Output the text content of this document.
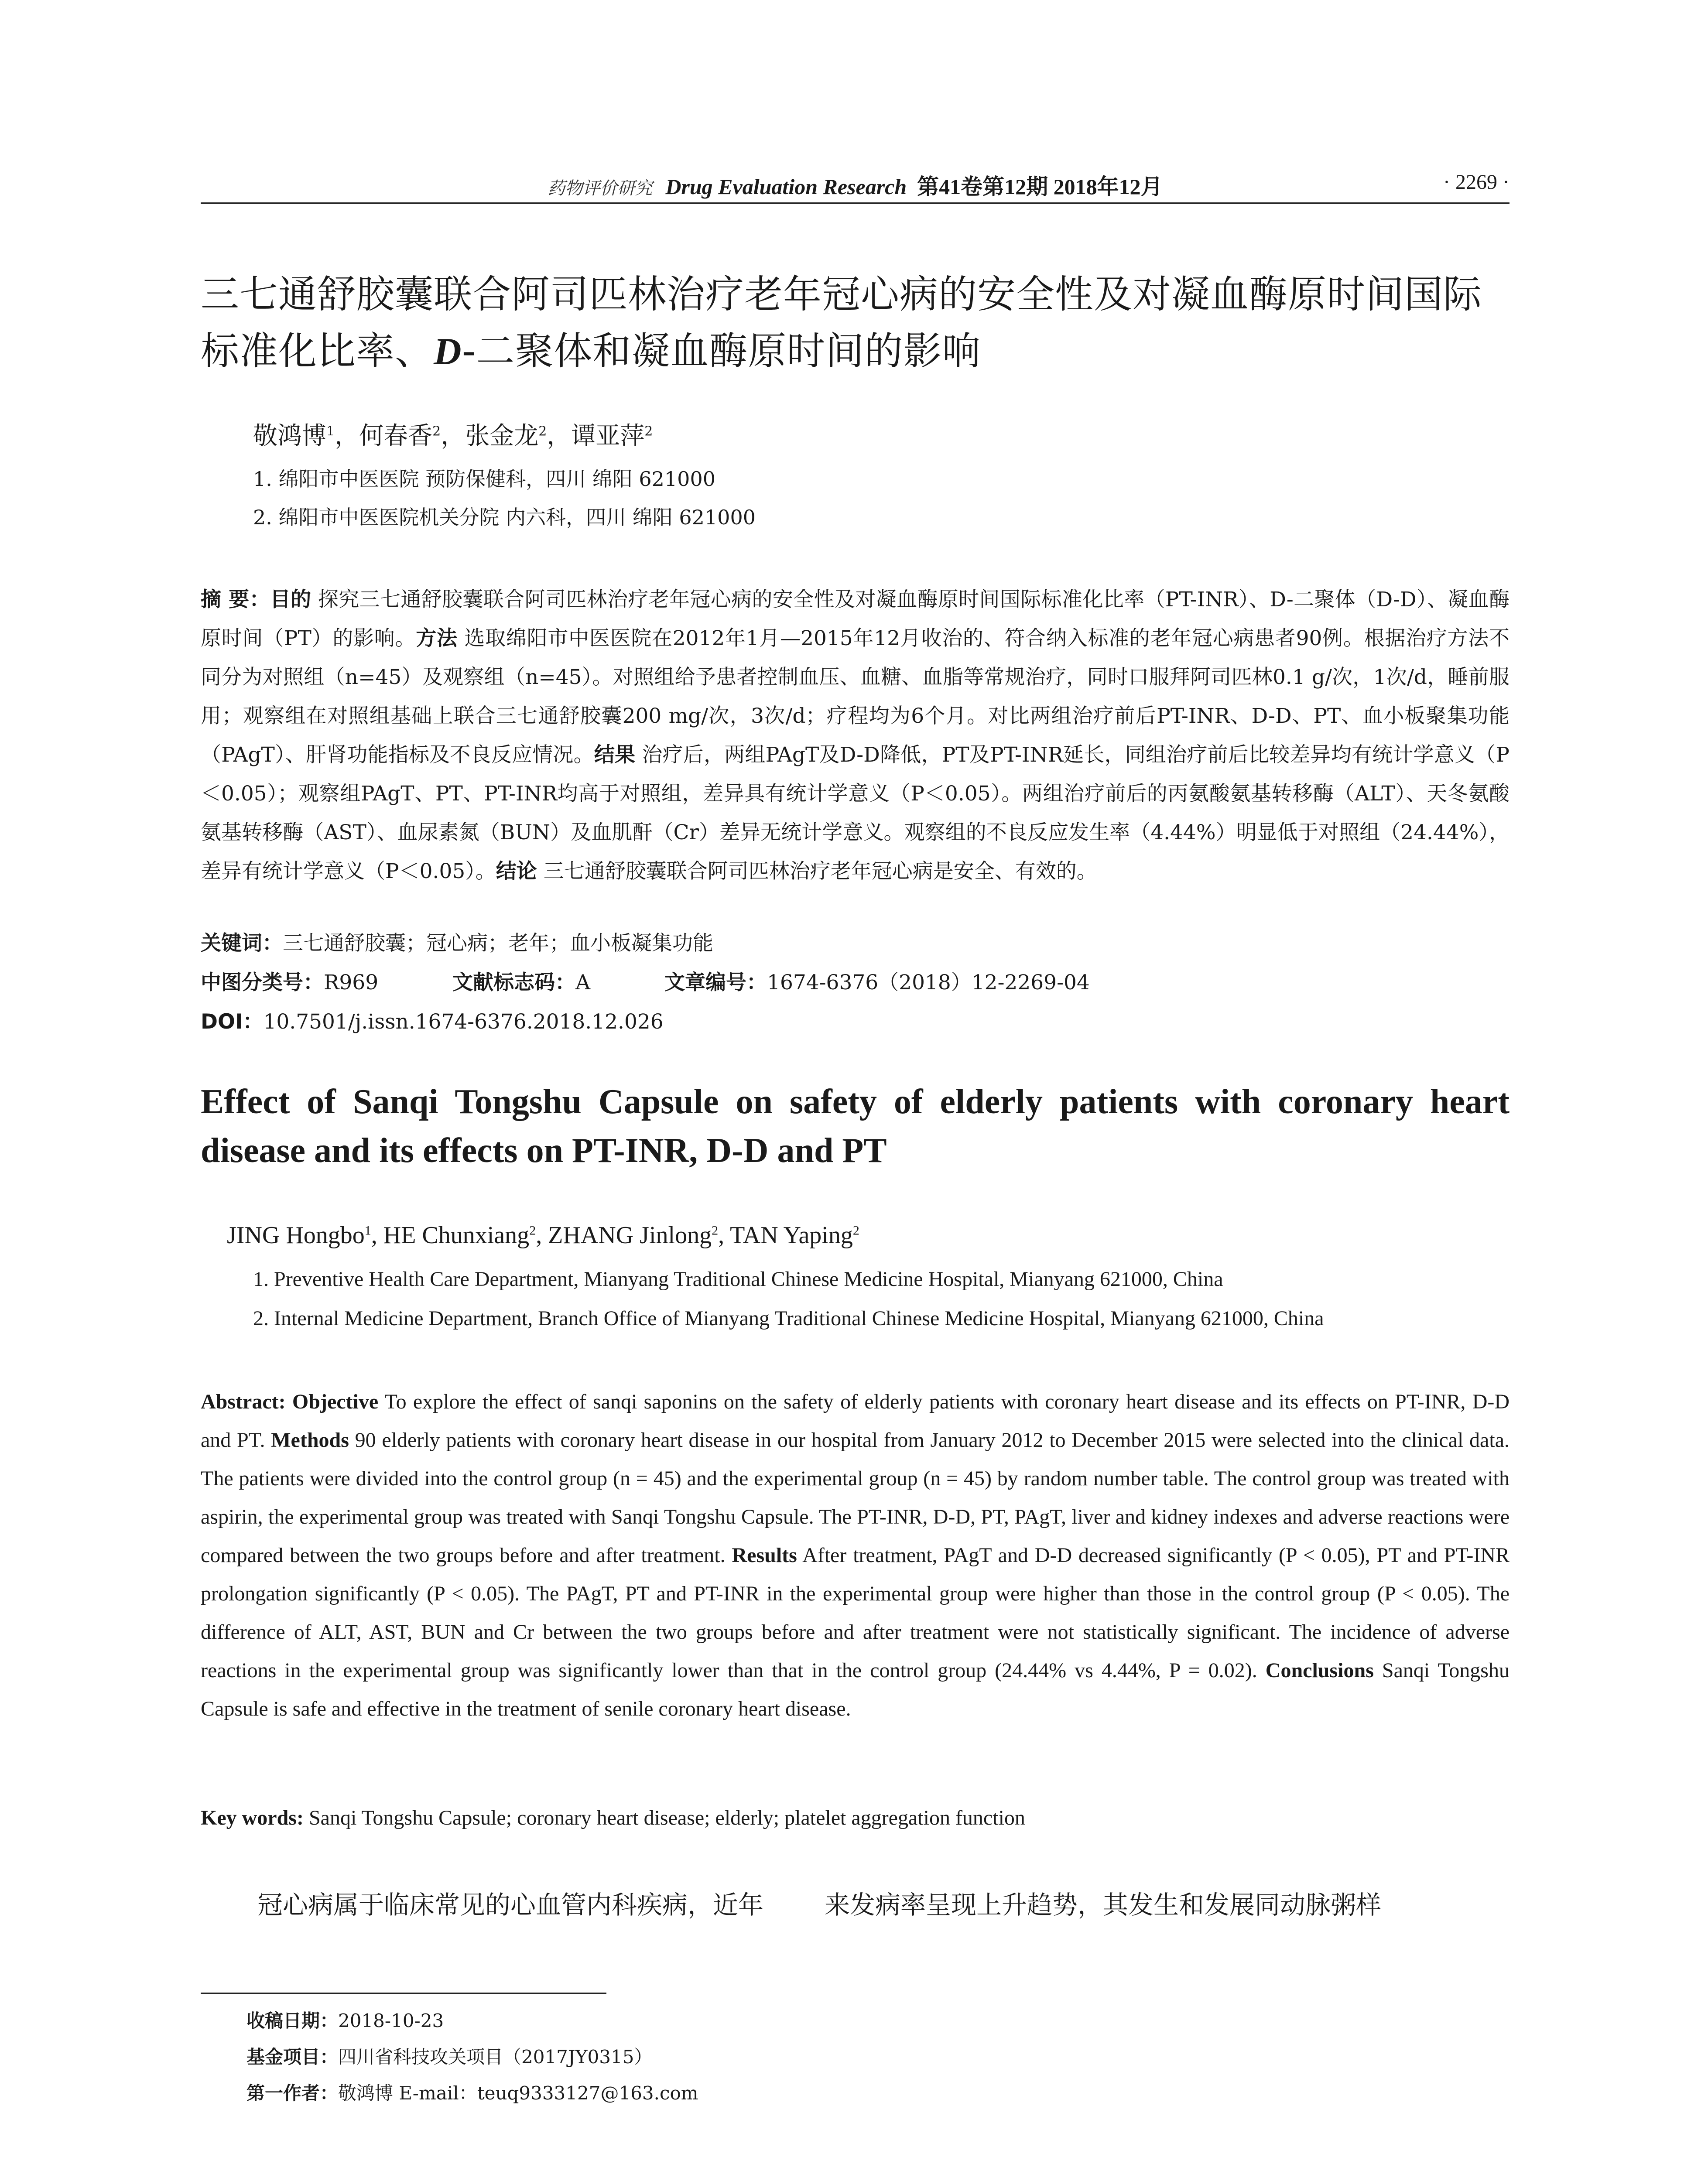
药物评价研究 Drug Evaluation Research 第41卷第12期 2018年12月	· 2269 ·
三七通舒胶囊联合阿司匹林治疗老年冠心病的安全性及对凝血酶原时间国际标准化比率、D-二聚体和凝血酶原时间的影响
敬鸿博$^1$，何春香$^2$，张金龙$^2$，谭亚萍$^2$
1. 绵阳市中医医院 预防保健科，四川 绵阳 621000
2. 绵阳市中医医院机关分院 内六科，四川 绵阳 621000
摘 要：目的 探究三七通舒胶囊联合阿司匹林治疗老年冠心病的安全性及对凝血酶原时间国际标准化比率（PT-INR）、D-二聚体（D-D）、凝血酶原时间（PT）的影响。方法 选取绵阳市中医医院在2012年1月—2015年12月收治的、符合纳入标准的老年冠心病患者90例。根据治疗方法不同分为对照组（n=45）及观察组（n=45）。对照组给予患者控制血压、血糖、血脂等常规治疗，同时口服拜阿司匹林0.1 g/次，1次/d，睡前服用；观察组在对照组基础上联合三七通舒胶囊200 mg/次，3次/d；疗程均为6个月。对比两组治疗前后PT-INR、D-D、PT、血小板聚集功能（PAgT）、肝肾功能指标及不良反应情况。结果 治疗后，两组PAgT及D-D降低，PT及PT-INR延长，同组治疗前后比较差异均有统计学意义（P＜0.05）；观察组PAgT、PT、PT-INR均高于对照组，差异具有统计学意义（P＜0.05）。两组治疗前后的丙氨酸氨基转移酶（ALT）、天冬氨酸氨基转移酶（AST）、血尿素氮（BUN）及血肌酐（Cr）差异无统计学意义。观察组的不良反应发生率（4.44%）明显低于对照组（24.44%），差异有统计学意义（P＜0.05）。结论 三七通舒胶囊联合阿司匹林治疗老年冠心病是安全、有效的。
关键词：三七通舒胶囊；冠心病；老年；血小板凝集功能
中图分类号：R969	文献标志码：A	文章编号：1674-6376（2018）12-2269-04
DOI：10.7501/j.issn.1674-6376.2018.12.026
Effect of Sanqi Tongshu Capsule on safety of elderly patients with coronary heart disease and its effects on PT-INR, D-D and PT
JING Hongbo$^1$, HE Chunxiang$^2$, ZHANG Jinlong$^2$, TAN Yaping$^2$
1. Preventive Health Care Department, Mianyang Traditional Chinese Medicine Hospital, Mianyang 621000, China
2. Internal Medicine Department, Branch Office of Mianyang Traditional Chinese Medicine Hospital, Mianyang 621000, China
Abstract: Objective To explore the effect of sanqi saponins on the safety of elderly patients with coronary heart disease and its effects on PT-INR, D-D and PT. Methods 90 elderly patients with coronary heart disease in our hospital from January 2012 to December 2015 were selected into the clinical data. The patients were divided into the control group (n = 45) and the experimental group (n = 45) by random number table. The control group was treated with aspirin, the experimental group was treated with Sanqi Tongshu Capsule. The PT-INR, D-D, PT, PAgT, liver and kidney indexes and adverse reactions were compared between the two groups before and after treatment. Results After treatment, PAgT and D-D decreased significantly (P < 0.05), PT and PT-INR prolongation significantly (P < 0.05). The PAgT, PT and PT-INR in the experimental group were higher than those in the control group (P < 0.05). The difference of ALT, AST, BUN and Cr between the two groups before and after treatment were not statistically significant. The incidence of adverse reactions in the experimental group was significantly lower than that in the control group (24.44% vs 4.44%, P = 0.02). Conclusions Sanqi Tongshu Capsule is safe and effective in the treatment of senile coronary heart disease.
Key words: Sanqi Tongshu Capsule; coronary heart disease; elderly; platelet aggregation function
冠心病属于临床常见的心血管内科疾病，近年 来发病率呈现上升趋势，其发生和发展同动脉粥样
收稿日期：2018-10-23
基金项目：四川省科技攻关项目（2017JY0315）
第一作者：敬鸿博 E-mail：teuq9333127@163.com
